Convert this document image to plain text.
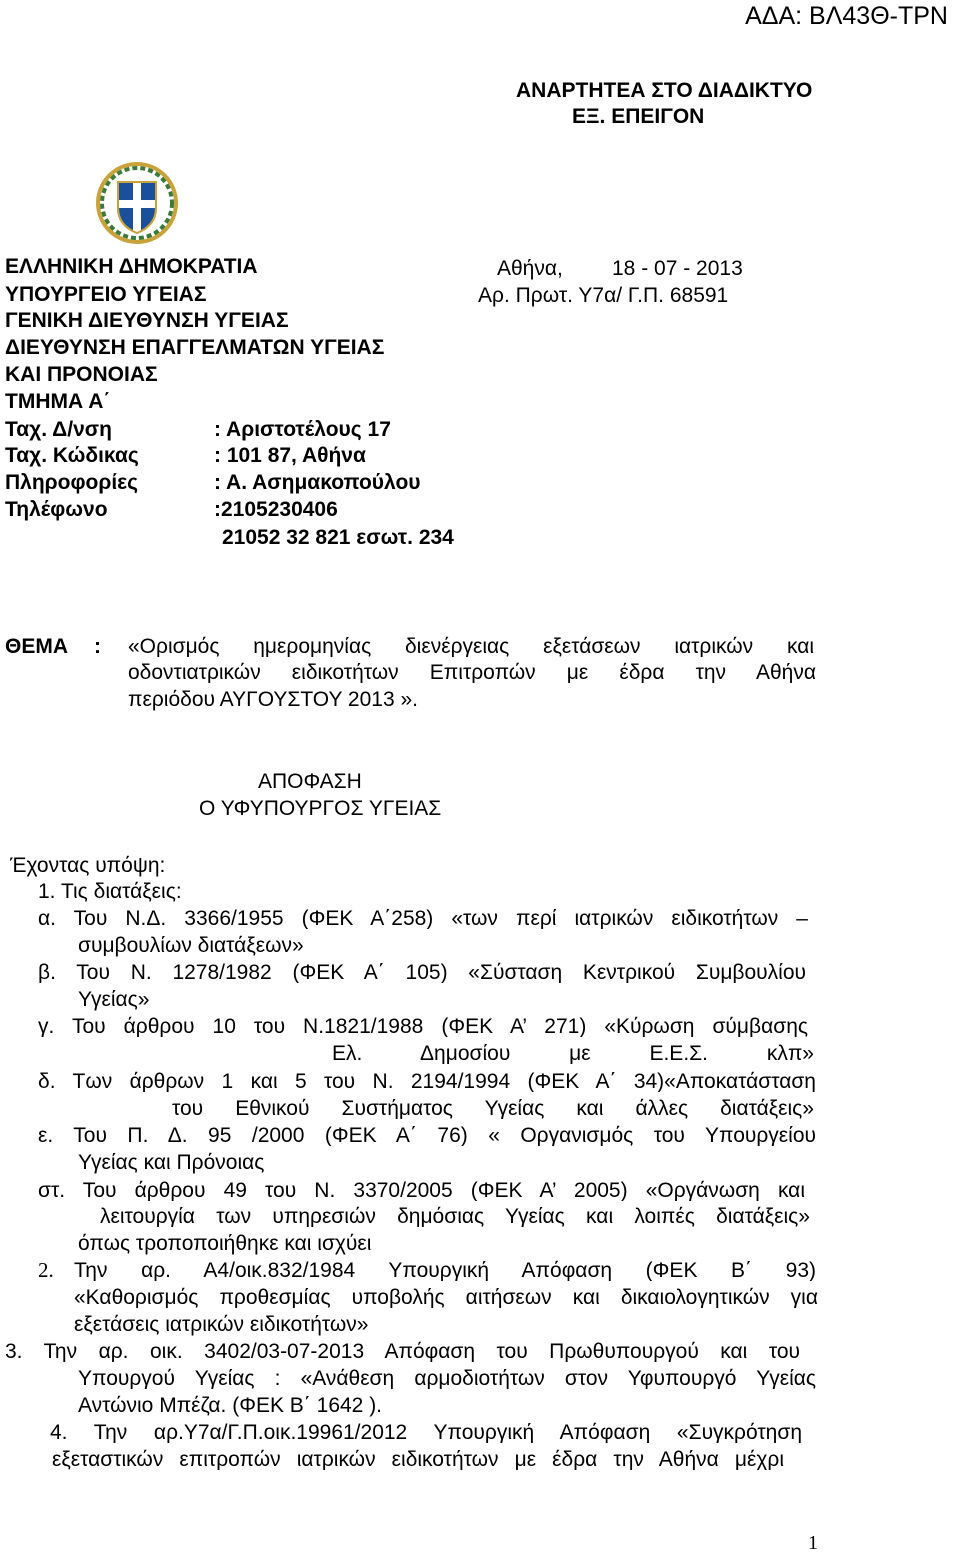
ΑΔΑ: ΒΛ43Θ-ΤΡΝ
ΑΝΑΡΤΗΤΕΑ ΣΤΟ ΔΙΑΔΙΚΤΥΟ
ΕΞ. ΕΠΕΙΓΟΝ
ΕΛΛΗΝΙΚΗ ΔΗΜΟΚΡΑΤΙΑ
ΥΠΟΥΡΓΕΙΟ ΥΓΕΙΑΣ
ΓΕΝΙΚΗ ΔΙΕΥΘΥΝΣΗ ΥΓΕΙΑΣ
ΔΙΕΥΘΥΝΣΗ ΕΠΑΓΓΕΛΜΑΤΩΝ ΥΓΕΙΑΣ
ΚΑΙ ΠΡΟΝΟΙΑΣ
ΤΜΗΜΑ Α΄
Ταχ. Δ/νση	: Αριστοτέλους 17
Ταχ. Κώδικας	: 101 87, Αθήνα
Πληροφορίες	: Α. Ασημακοπούλου
Τηλέφωνο	:2105230406
21052 32 821 εσωτ. 234
Αθήνα, 18 - 07 - 2013
Αρ. Πρωτ. Υ7α/ Γ.Π. 68591
ΘΕΜΑ : «Ορισμός ημερομηνίας διενέργειας εξετάσεων ιατρικών και
οδοντιατρικών ειδικοτήτων Επιτροπών με έδρα την Αθήνα
περιόδου ΑΥΓΟΥΣΤΟΥ 2013 ».
ΑΠΟΦΑΣΗ
Ο ΥΦΥΠΟΥΡΓΟΣ ΥΓΕΙΑΣ
Έχοντας υπόψη:
1. Τις διατάξεις:
α. Του Ν.Δ. 3366/1955 (ΦΕΚ Α΄258) «των περί ιατρικών ειδικοτήτων –
συμβουλίων διατάξεων»
β. Του Ν. 1278/1982 (ΦΕΚ Α΄ 105) «Σύσταση Κεντρικού Συμβουλίου
Υγείας»
γ. Του άρθρου 10 του Ν.1821/1988 (ΦΕΚ Α’ 271) «Κύρωση σύμβασης
Ελ. Δημοσίου με Ε.Ε.Σ. κλπ»
δ. Των άρθρων 1 και 5 του Ν. 2194/1994 (ΦΕΚ Α΄ 34)«Αποκατάσταση
του Εθνικού Συστήματος Υγείας και άλλες διατάξεις»
ε. Του Π. Δ. 95 /2000 (ΦΕΚ Α΄ 76) « Οργανισμός του Υπουργείου
Υγείας και Πρόνοιας
στ. Του άρθρου 49 του Ν. 3370/2005 (ΦΕΚ Α’ 2005) «Οργάνωση και
λειτουργία των υπηρεσιών δημόσιας Υγείας και λοιπές διατάξεις»
όπως τροποποιήθηκε και ισχύει
2. Την αρ. Α4/οικ.832/1984 Υπουργική Απόφαση (ΦΕΚ Β΄ 93)
«Καθορισμός προθεσμίας υποβολής αιτήσεων και δικαιολογητικών για
εξετάσεις ιατρικών ειδικοτήτων»
3. Την αρ. οικ. 3402/03-07-2013 Απόφαση του Πρωθυπουργού και του
Υπουργού Υγείας : «Ανάθεση αρμοδιοτήτων στον Υφυπουργό Υγείας
Αντώνιο Μπέζα. (ΦΕΚ Β΄ 1642 ).
4. Την αρ.Υ7α/Γ.Π.οικ.19961/2012 Υπουργική Απόφαση «Συγκρότηση
εξεταστικών επιτροπών ιατρικών ειδικοτήτων με έδρα την Αθήνα μέχρι
1
